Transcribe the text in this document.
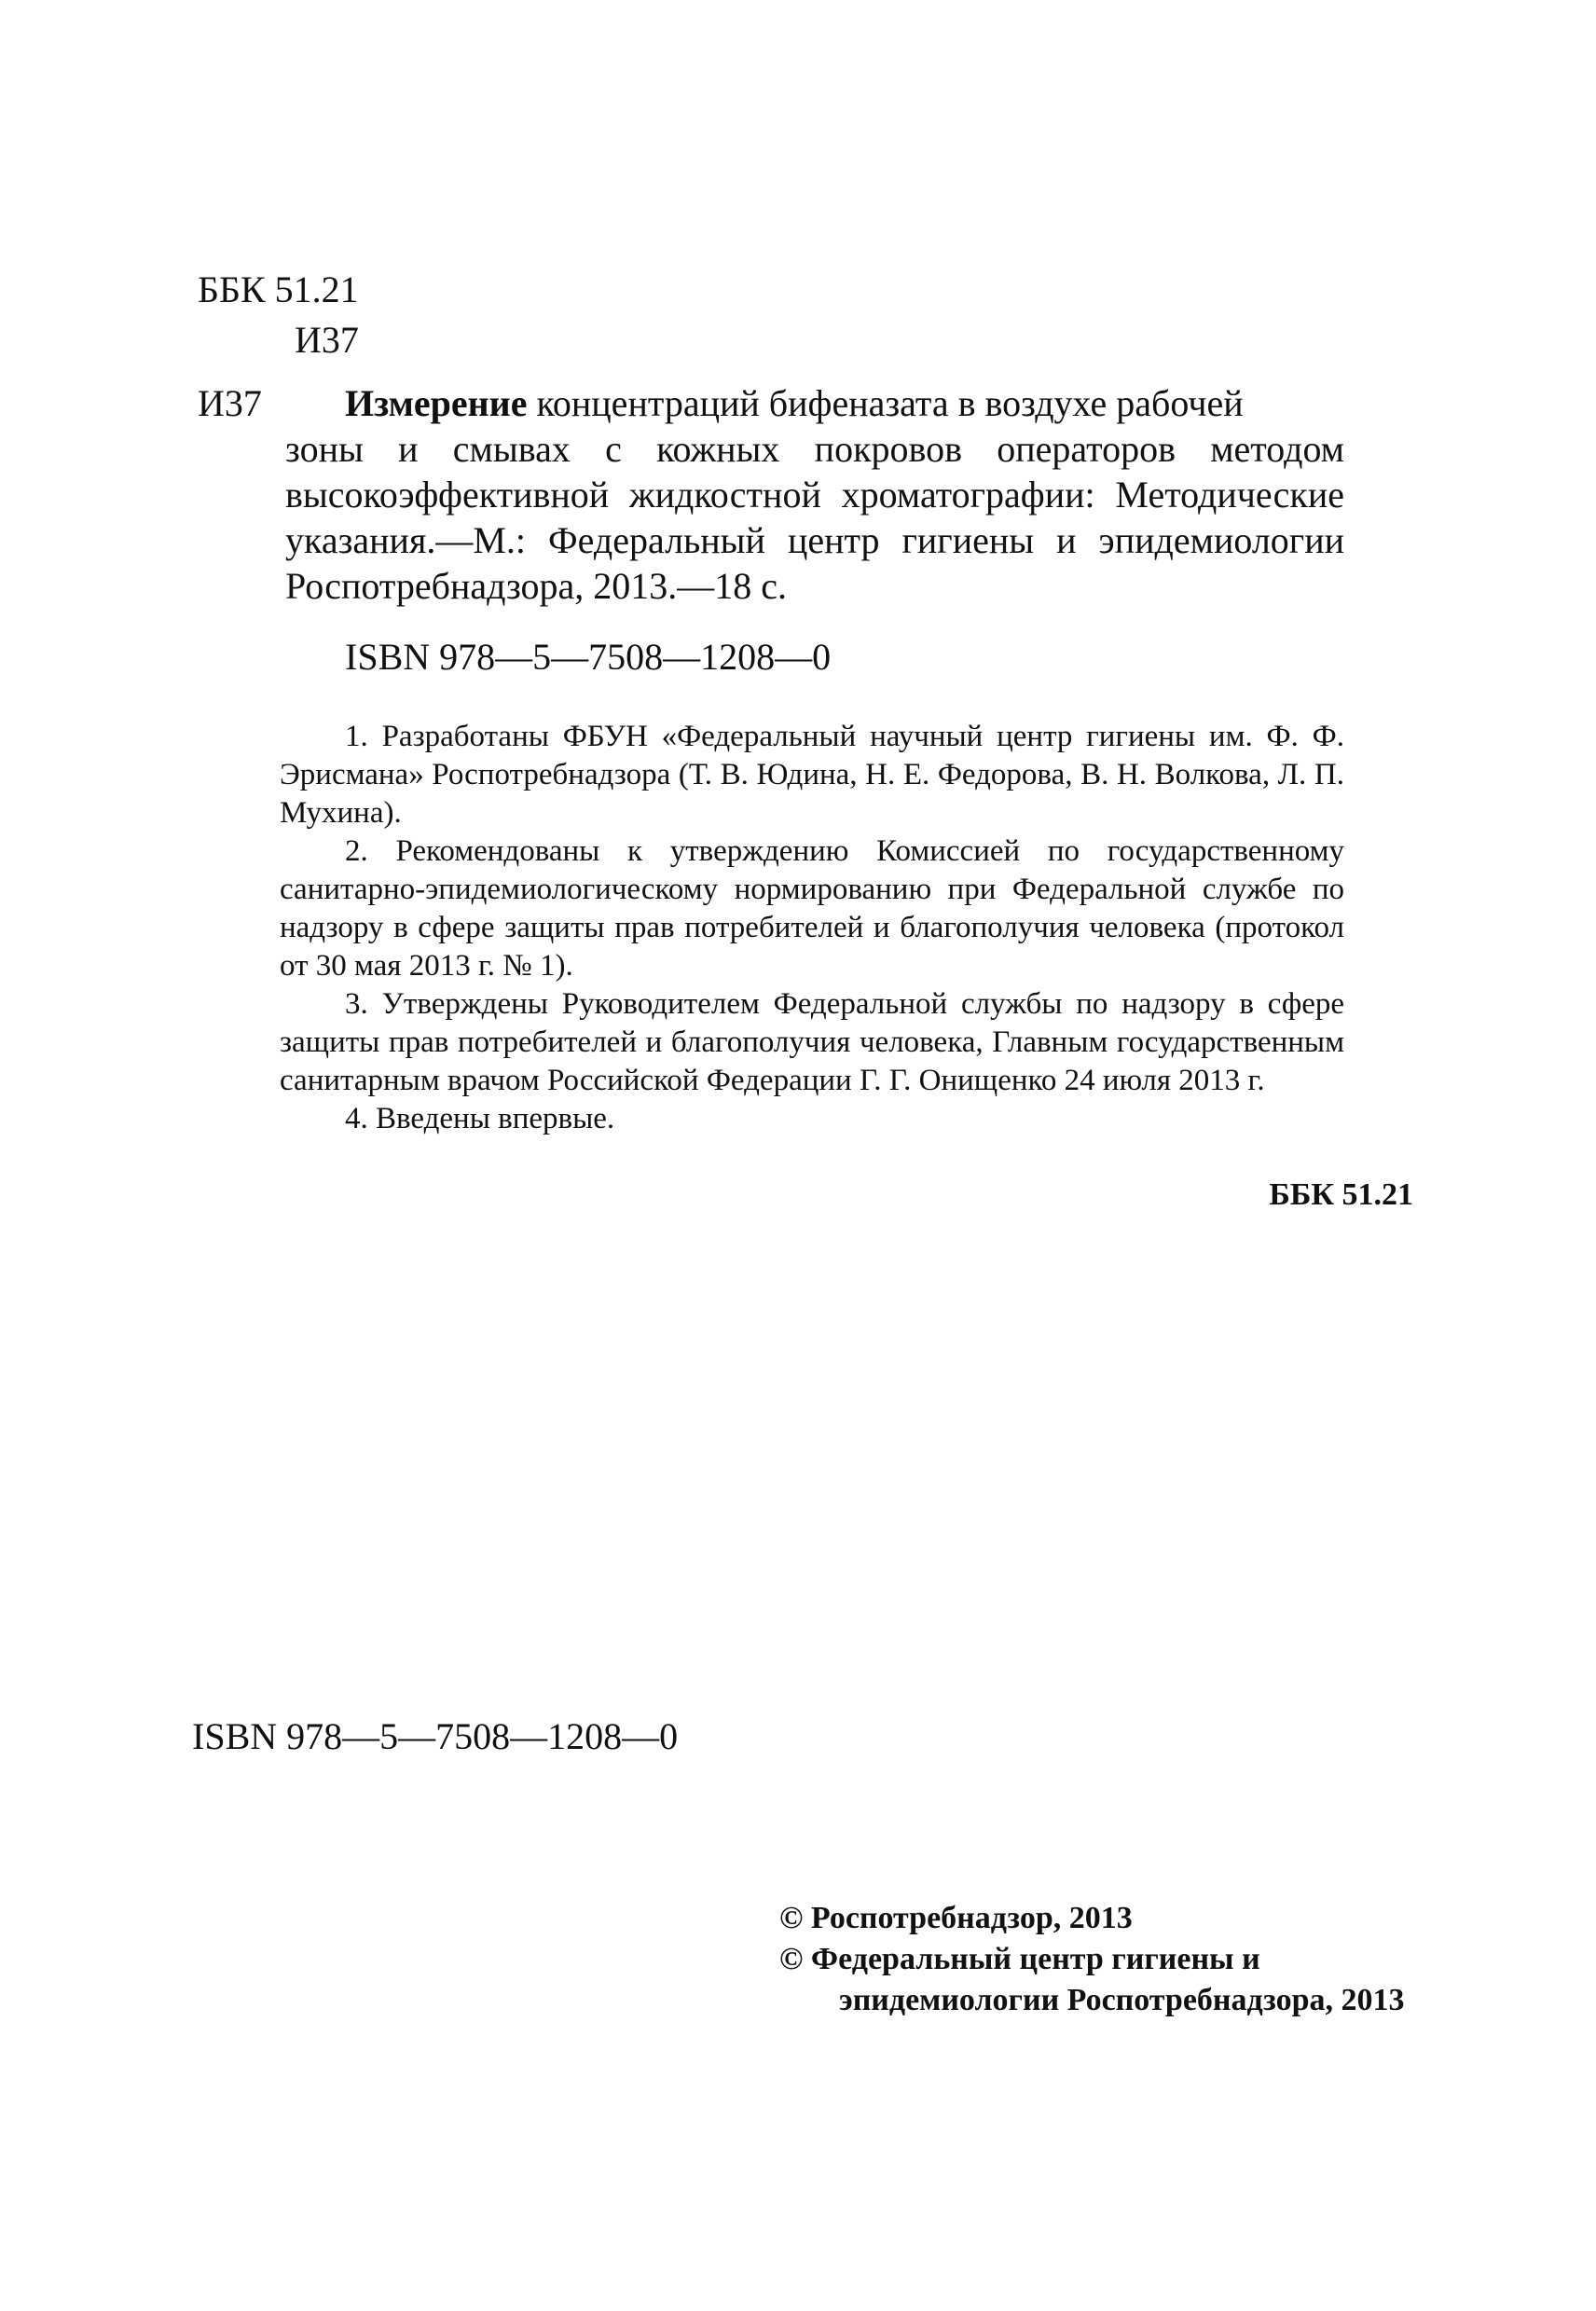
ББК 51.21
И37
И37	Измерение концентраций бифеназата в воздухе рабочей
зоны и смывах с кожных покровов операторов методом высокоэффективной жидкостной хроматографии: Методические указания.—М.: Федеральный центр гигиены и эпидемиологии Роспотребнадзора, 2013.—18 с.
ISBN 978—5—7508—1208—0

1. Разработаны ФБУН «Федеральный научный центр гигиены им. Ф. Ф. Эрисмана» Роспотребнадзора (Т. В. Юдина, Н. Е. Федорова, В. Н. Волкова, Л. П. Мухина).

2. Рекомендованы к утверждению Комиссией по государственному санитарно-эпидемиологическому нормированию при Федеральной службе по надзору в сфере защиты прав потребителей и благополучия человека (протокол от 30 мая 2013 г. № 1).

3. Утверждены Руководителем Федеральной службы по надзору в сфере защиты прав потребителей и благополучия человека, Главным государственным санитарным врачом Российской Федерации Г. Г. Онищенко 24 июля 2013 г.

4. Введены впервые.

ББК 51.21
ISBN 978—5—7508—1208—0
© Роспотребнадзор, 2013
© Федеральный центр гигиены и
эпидемиологии Роспотребнадзора, 2013
